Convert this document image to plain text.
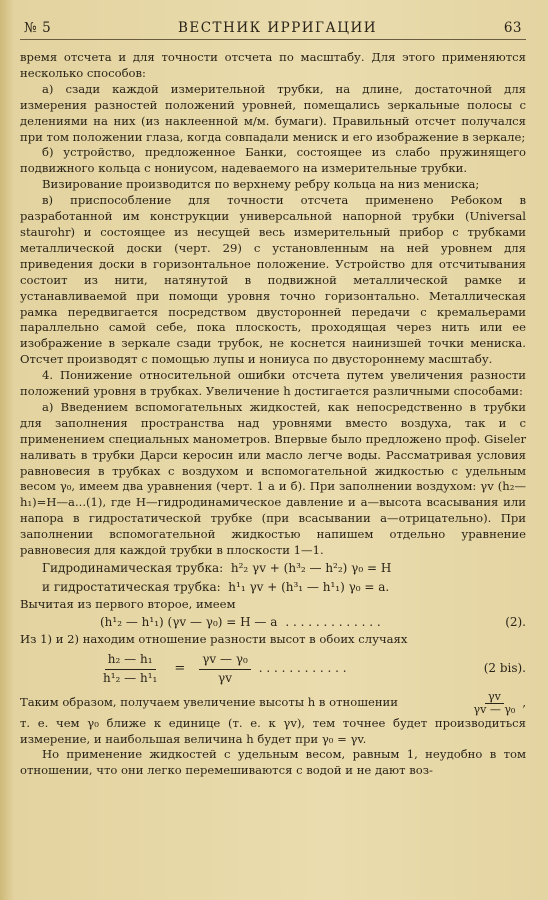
№ 5	ВЕСТНИК ИРРИГАЦИИ	63

время отсчета и для точности отсчета по масштабу. Для этого применяются несколько способов:

а) сзади каждой измерительной трубки, на длине, достаточной для измерения разностей положений уровней, помещались зеркальные полосы с делениями на них (из наклеенной м/м. бумаги). Правильный отсчет получался при том положении глаза, когда совпадали мениск и его изображение в зеркале;

б) устройство, предложенное Банки, состоящее из слабо пружинящего подвижного кольца с нониусом, надеваемого на измерительные трубки.

Визирование производится по верхнему ребру кольца на низ мениска;

в) приспособление для точности отсчета применено Ребоком в разработанной им конструкции универсальной напорной трубки (Universal staurohr) и состоящее из несущей весь измерительный прибор с трубками металлической доски (черт. 29) с установленным на ней уровнем для приведения доски в горизонтальное положение. Устройство для отсчитывания состоит из нити, натянутой в подвижной металлической рамке и устанавливаемой при помощи уровня точно горизонтально. Металлическая рамка передвигается посредством двусторонней передачи с кремальерами параллельно самой себе, пока плоскость, проходящая через нить или ее изображение в зеркале сзади трубок, не коснется наинизшей точки мениска. Отсчет производят с помощью лупы и нониуса по двустороннему масштабу.

4. Понижение относительной ошибки отсчета путем увеличения разности положений уровня в трубках. Увеличение h достигается различными способами:

а) Введением вспомогательных жидкостей, как непосредственно в трубки для заполнения пространства над уровнями вместо воздуха, так и с применением специальных манометров. Впервые было предложено проф. Giseler наливать в трубки Дарси керосин или масло легче воды. Рассматривая условия равновесия в трубках с воздухом и вспомогательной жидкостью с удельным весом γ₀, имеем два уравнения (черт. 1 а и б). При заполнении воздухом: γv (h₂—h₁)=H—a...(1), где H—гидродинамическое давление и а—высота всасывания или напора в гидростатической трубке (при всасывании а—отрицательно). При заполнении вспомогательной жидкостью напишем отдельно уравнение равновесия для каждой трубки в плоскости 1—1.

Гидродинамическая трубка: h²₂ γv + (h³₂ — h²₂) γ₀ = H
и гидростатическая трубка: h¹₁ γv + (h³₁ — h¹₁) γ₀ = a.

Вычитая из первого второе, имеем

(h¹₂ — h¹₁) (γv — γ₀) = H — a . . . . . . . . . . . . .	(2).

Из 1) и 2) находим отношение разности высот в обоих случаях

$\frac{\text{h₂ — h₁}}{\text{h¹₂ — h¹₁}} = \frac{\text{γv — γ₀}}{\gamma v}$ . . . . . . . . . . . .	(2 bis).
Таким образом, получаем увеличение высоты h в отношении	$\frac{\gamma v}{\text{γv — γ₀}}$ ,

т. е. чем γ₀ ближе к единице (т. е. к γv), тем точнее будет производиться измерение, и наибольшая величина h будет при γ₀ = γv.

Но применение жидкостей с удельным весом, равным 1, неудобно в том отношении, что они легко перемешиваются с водой и не дают воз-
